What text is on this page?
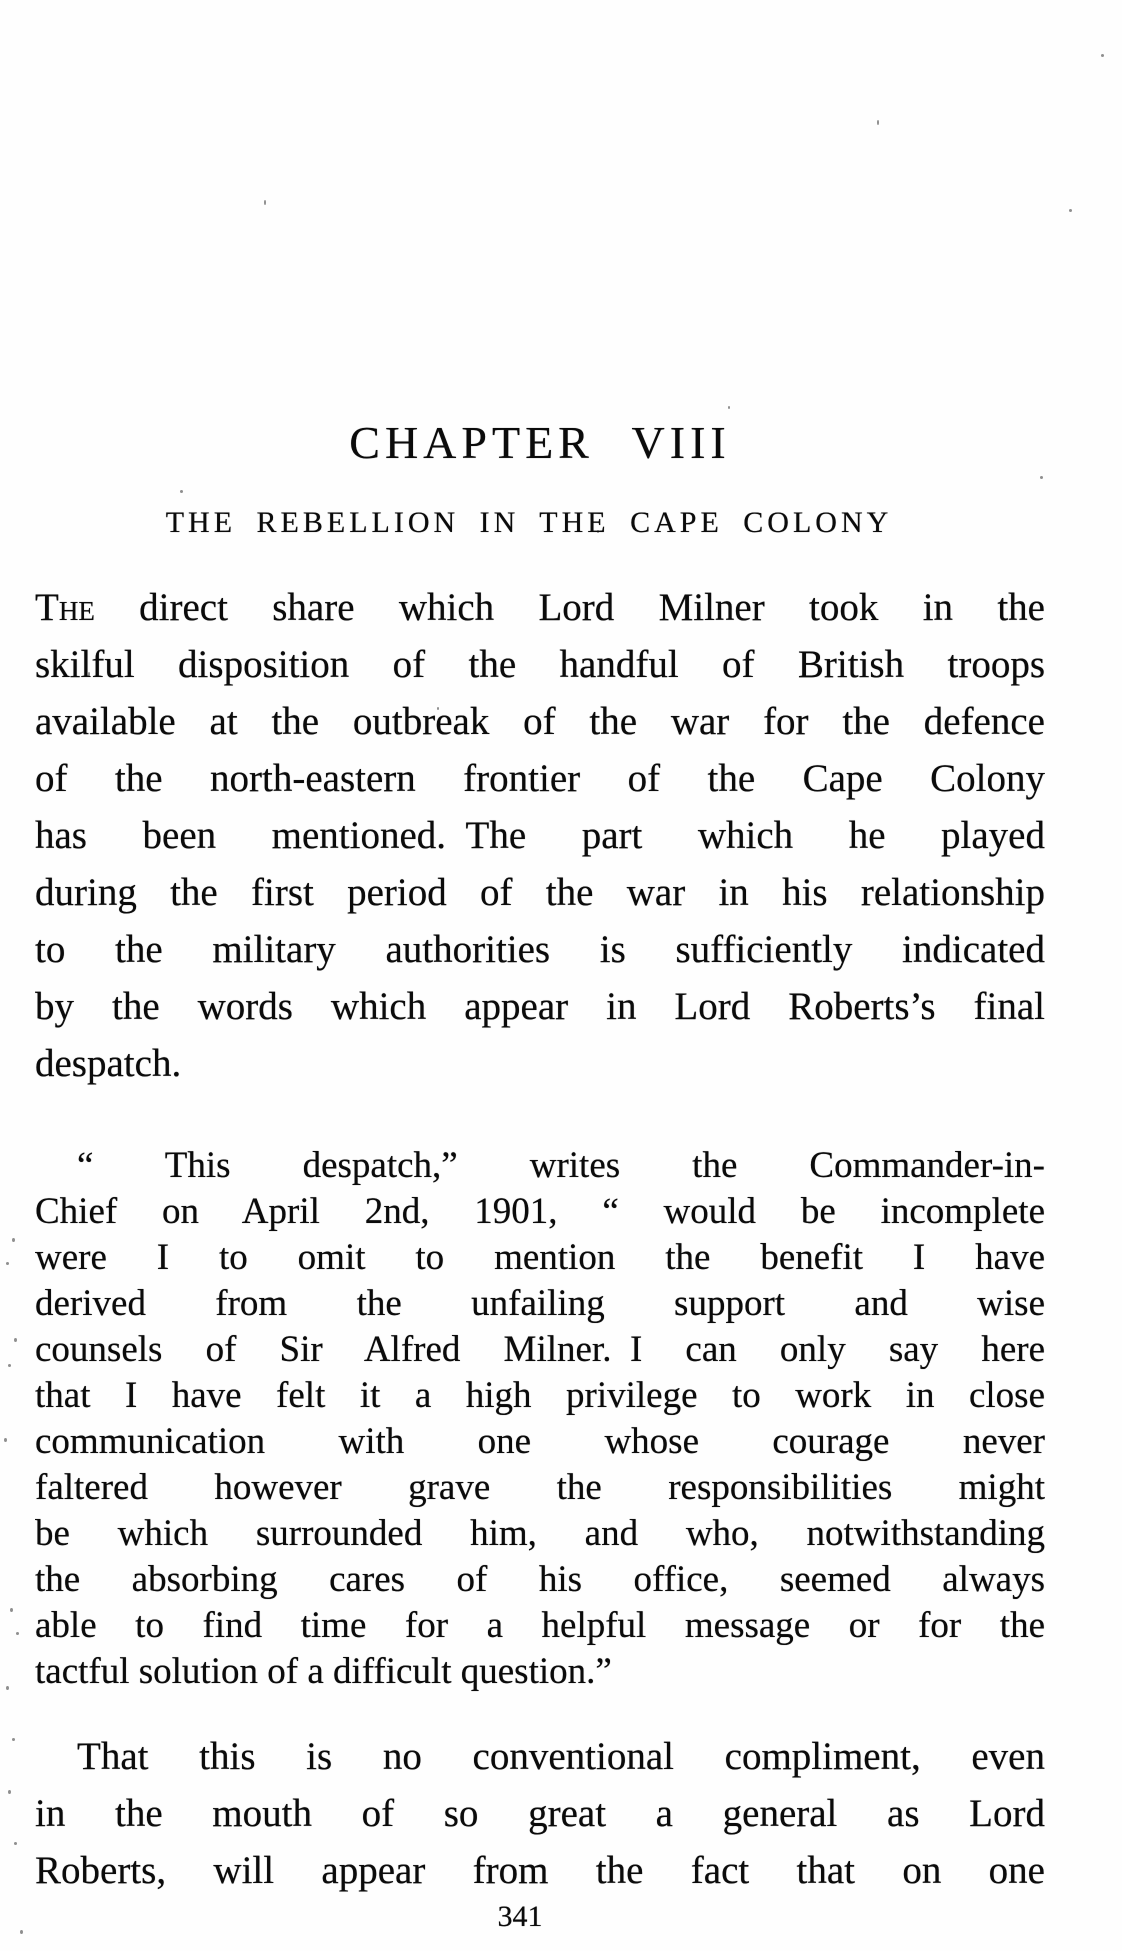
CHAPTER VIII
THE REBELLION IN THE CAPE COLONY
The direct share which Lord Milner took in the
skilful disposition of the handful of British troops
available at the outbreak of the war for the defence
of the north-eastern frontier of the Cape Colony
has been mentioned. The part which he played
during the first period of the war in his relationship
to the military authorities is sufficiently indicated
by the words which appear in Lord Roberts’s final
despatch.
“ This despatch,” writes the Commander-in-
Chief on April 2nd, 1901, “ would be incomplete
were I to omit to mention the benefit I have
derived from the unfailing support and wise
counsels of Sir Alfred Milner. I can only say here
that I have felt it a high privilege to work in close
communication with one whose courage never
faltered however grave the responsibilities might
be which surrounded him, and who, notwithstanding
the absorbing cares of his office, seemed always
able to find time for a helpful message or for the
tactful solution of a difficult question.”
That this is no conventional compliment, even
in the mouth of so great a general as Lord
Roberts, will appear from the fact that on one
341
